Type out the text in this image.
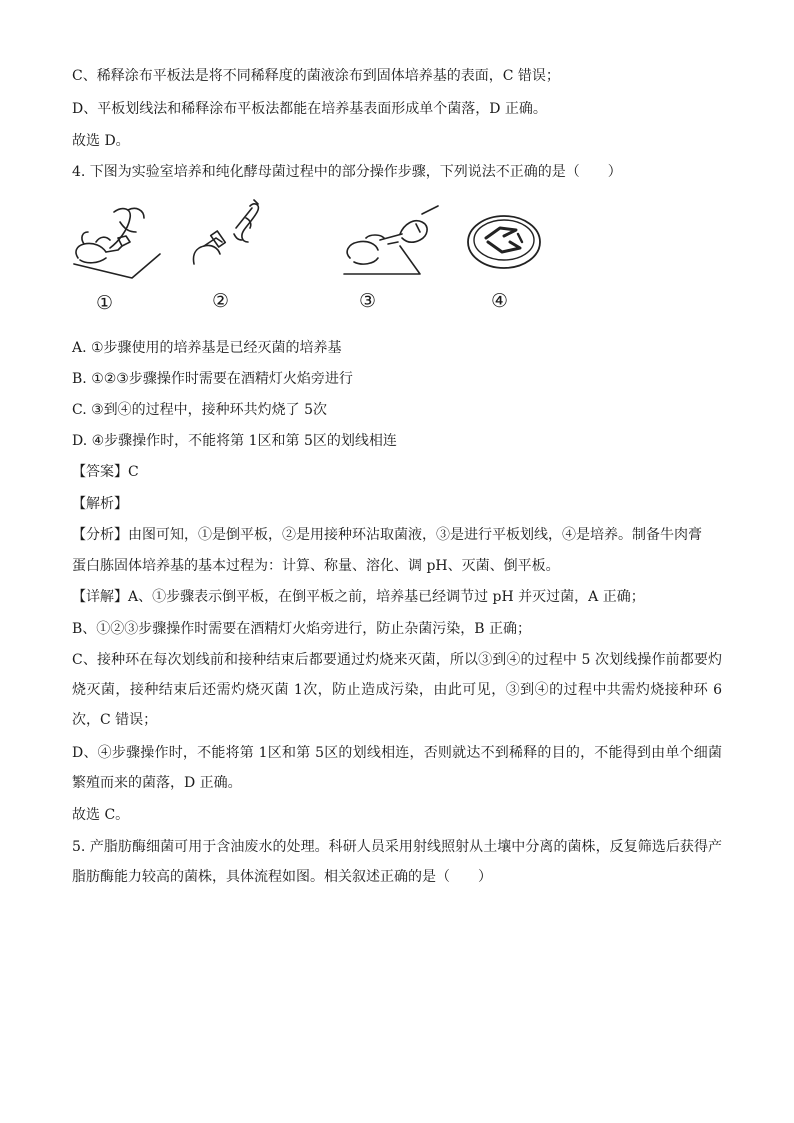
C、稀释涂布平板法是将不同稀释度的菌液涂布到固体培养基的表面，C 错误；
D、平板划线法和稀释涂布平板法都能在培养基表面形成单个菌落，D 正确。
故选 D。
4. 下图为实验室培养和纯化酵母菌过程中的部分操作步骤，下列说法不正确的是（　　）
①	②	③	④
A. ①步骤使用的培养基是已经灭菌的培养基
B. ①②③步骤操作时需要在酒精灯火焰旁进行
C. ③到④的过程中，接种环共灼烧了 5次
D. ④步骤操作时，不能将第 1区和第 5区的划线相连
【答案】C
【解析】
【分析】由图可知，①是倒平板，②是用接种环沾取菌液，③是进行平板划线，④是培养。制备牛肉膏
蛋白胨固体培养基的基本过程为：计算、称量、溶化、调 pH、灭菌、倒平板。
【详解】A、①步骤表示倒平板，在倒平板之前，培养基已经调节过 pH 并灭过菌，A 正确；
B、①②③步骤操作时需要在酒精灯火焰旁进行，防止杂菌污染，B 正确；
C、接种环在每次划线前和接种结束后都要通过灼烧来灭菌，所以③到④的过程中 5 次划线操作前都要灼烧灭菌，接种结束后还需灼烧灭菌 1次，防止造成污染，由此可见，③到④的过程中共需灼烧接种环 6 次，C 错误；
D、④步骤操作时，不能将第 1区和第 5区的划线相连，否则就达不到稀释的目的，不能得到由单个细菌繁殖而来的菌落，D 正确。
故选 C。
5. 产脂肪酶细菌可用于含油废水的处理。科研人员采用射线照射从土壤中分离的菌株，反复筛选后获得产脂肪酶能力较高的菌株，具体流程如图。相关叙述正确的是（　　）
